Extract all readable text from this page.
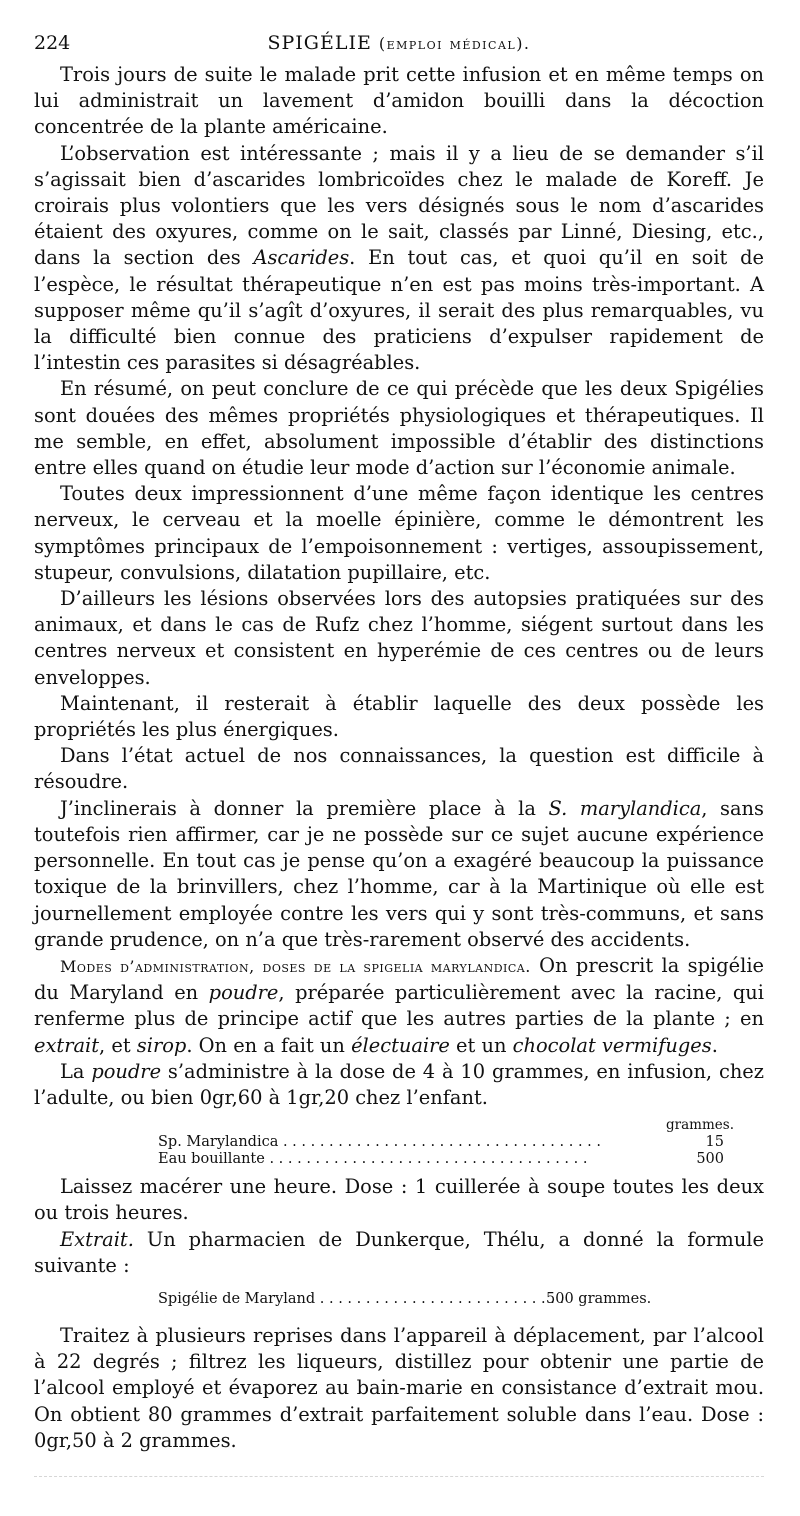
224	SPIGÉLIE (emploi médical).

Trois jours de suite le malade prit cette infusion et en même temps on lui administrait un lavement d’amidon bouilli dans la décoction concentrée de la plante américaine.

L’observation est intéressante ; mais il y a lieu de se demander s’il s’agissait bien d’ascarides lombricoïdes chez le malade de Koreff. Je croirais plus volontiers que les vers désignés sous le nom d’ascarides étaient des oxyures, comme on le sait, classés par Linné, Diesing, etc., dans la section des Ascarides. En tout cas, et quoi qu’il en soit de l’espèce, le résultat thérapeutique n’en est pas moins très-important. A supposer même qu’il s’agît d’oxyures, il serait des plus remarquables, vu la difficulté bien connue des praticiens d’expulser rapidement de l’intestin ces parasites si désagréables.

En résumé, on peut conclure de ce qui précède que les deux Spigélies sont douées des mêmes propriétés physiologiques et thérapeutiques. Il me semble, en effet, absolument impossible d’établir des distinctions entre elles quand on étudie leur mode d’action sur l’économie animale.

Toutes deux impressionnent d’une même façon identique les centres nerveux, le cerveau et la moelle épinière, comme le démontrent les symptômes principaux de l’empoisonnement : vertiges, assoupissement, stupeur, convulsions, dilatation pupillaire, etc.

D’ailleurs les lésions observées lors des autopsies pratiquées sur des animaux, et dans le cas de Rufz chez l’homme, siégent surtout dans les centres nerveux et consistent en hyperémie de ces centres ou de leurs enveloppes.

Maintenant, il resterait à établir laquelle des deux possède les propriétés les plus énergiques.

Dans l’état actuel de nos connaissances, la question est difficile à résoudre.

J’inclinerais à donner la première place à la S. marylandica, sans toutefois rien affirmer, car je ne possède sur ce sujet aucune expérience personnelle. En tout cas je pense qu’on a exagéré beaucoup la puissance toxique de la brinvillers, chez l’homme, car à la Martinique où elle est journellement employée contre les vers qui y sont très-communs, et sans grande prudence, on n’a que très-rarement observé des accidents.

Modes d’administration, doses de la spigelia marylandica. On prescrit la spigélie du Maryland en poudre, préparée particulièrement avec la racine, qui renferme plus de principe actif que les autres parties de la plante ; en extrait, et sirop. On en a fait un électuaire et un chocolat vermifuges.

La poudre s’administre à la dose de 4 à 10 grammes, en infusion, chez l’adulte, ou bien 0gr,60 à 1gr,20 chez l’enfant.

grammes.
Sp. Marylandica . . . . . . . . . . . . . . . . . . . . . . . . . . . . . . . . . . .	15
Eau bouillante . . . . . . . . . . . . . . . . . . . . . . . . . . . . . . . . . . .	500

Laissez macérer une heure. Dose : 1 cuillerée à soupe toutes les deux ou trois heures.

Extrait. Un pharmacien de Dunkerque, Thélu, a donné la formule suivante :

Spigélie de Maryland . . . . . . . . . . . . . . . . . . . . . . . . . . .
500 grammes.

Traitez à plusieurs reprises dans l’appareil à déplacement, par l’alcool à 22 degrés ; filtrez les liqueurs, distillez pour obtenir une partie de l’alcool employé et évaporez au bain-marie en consistance d’extrait mou. On obtient 80 grammes d’extrait parfaitement soluble dans l’eau. Dose : 0gr,50 à 2 grammes.
